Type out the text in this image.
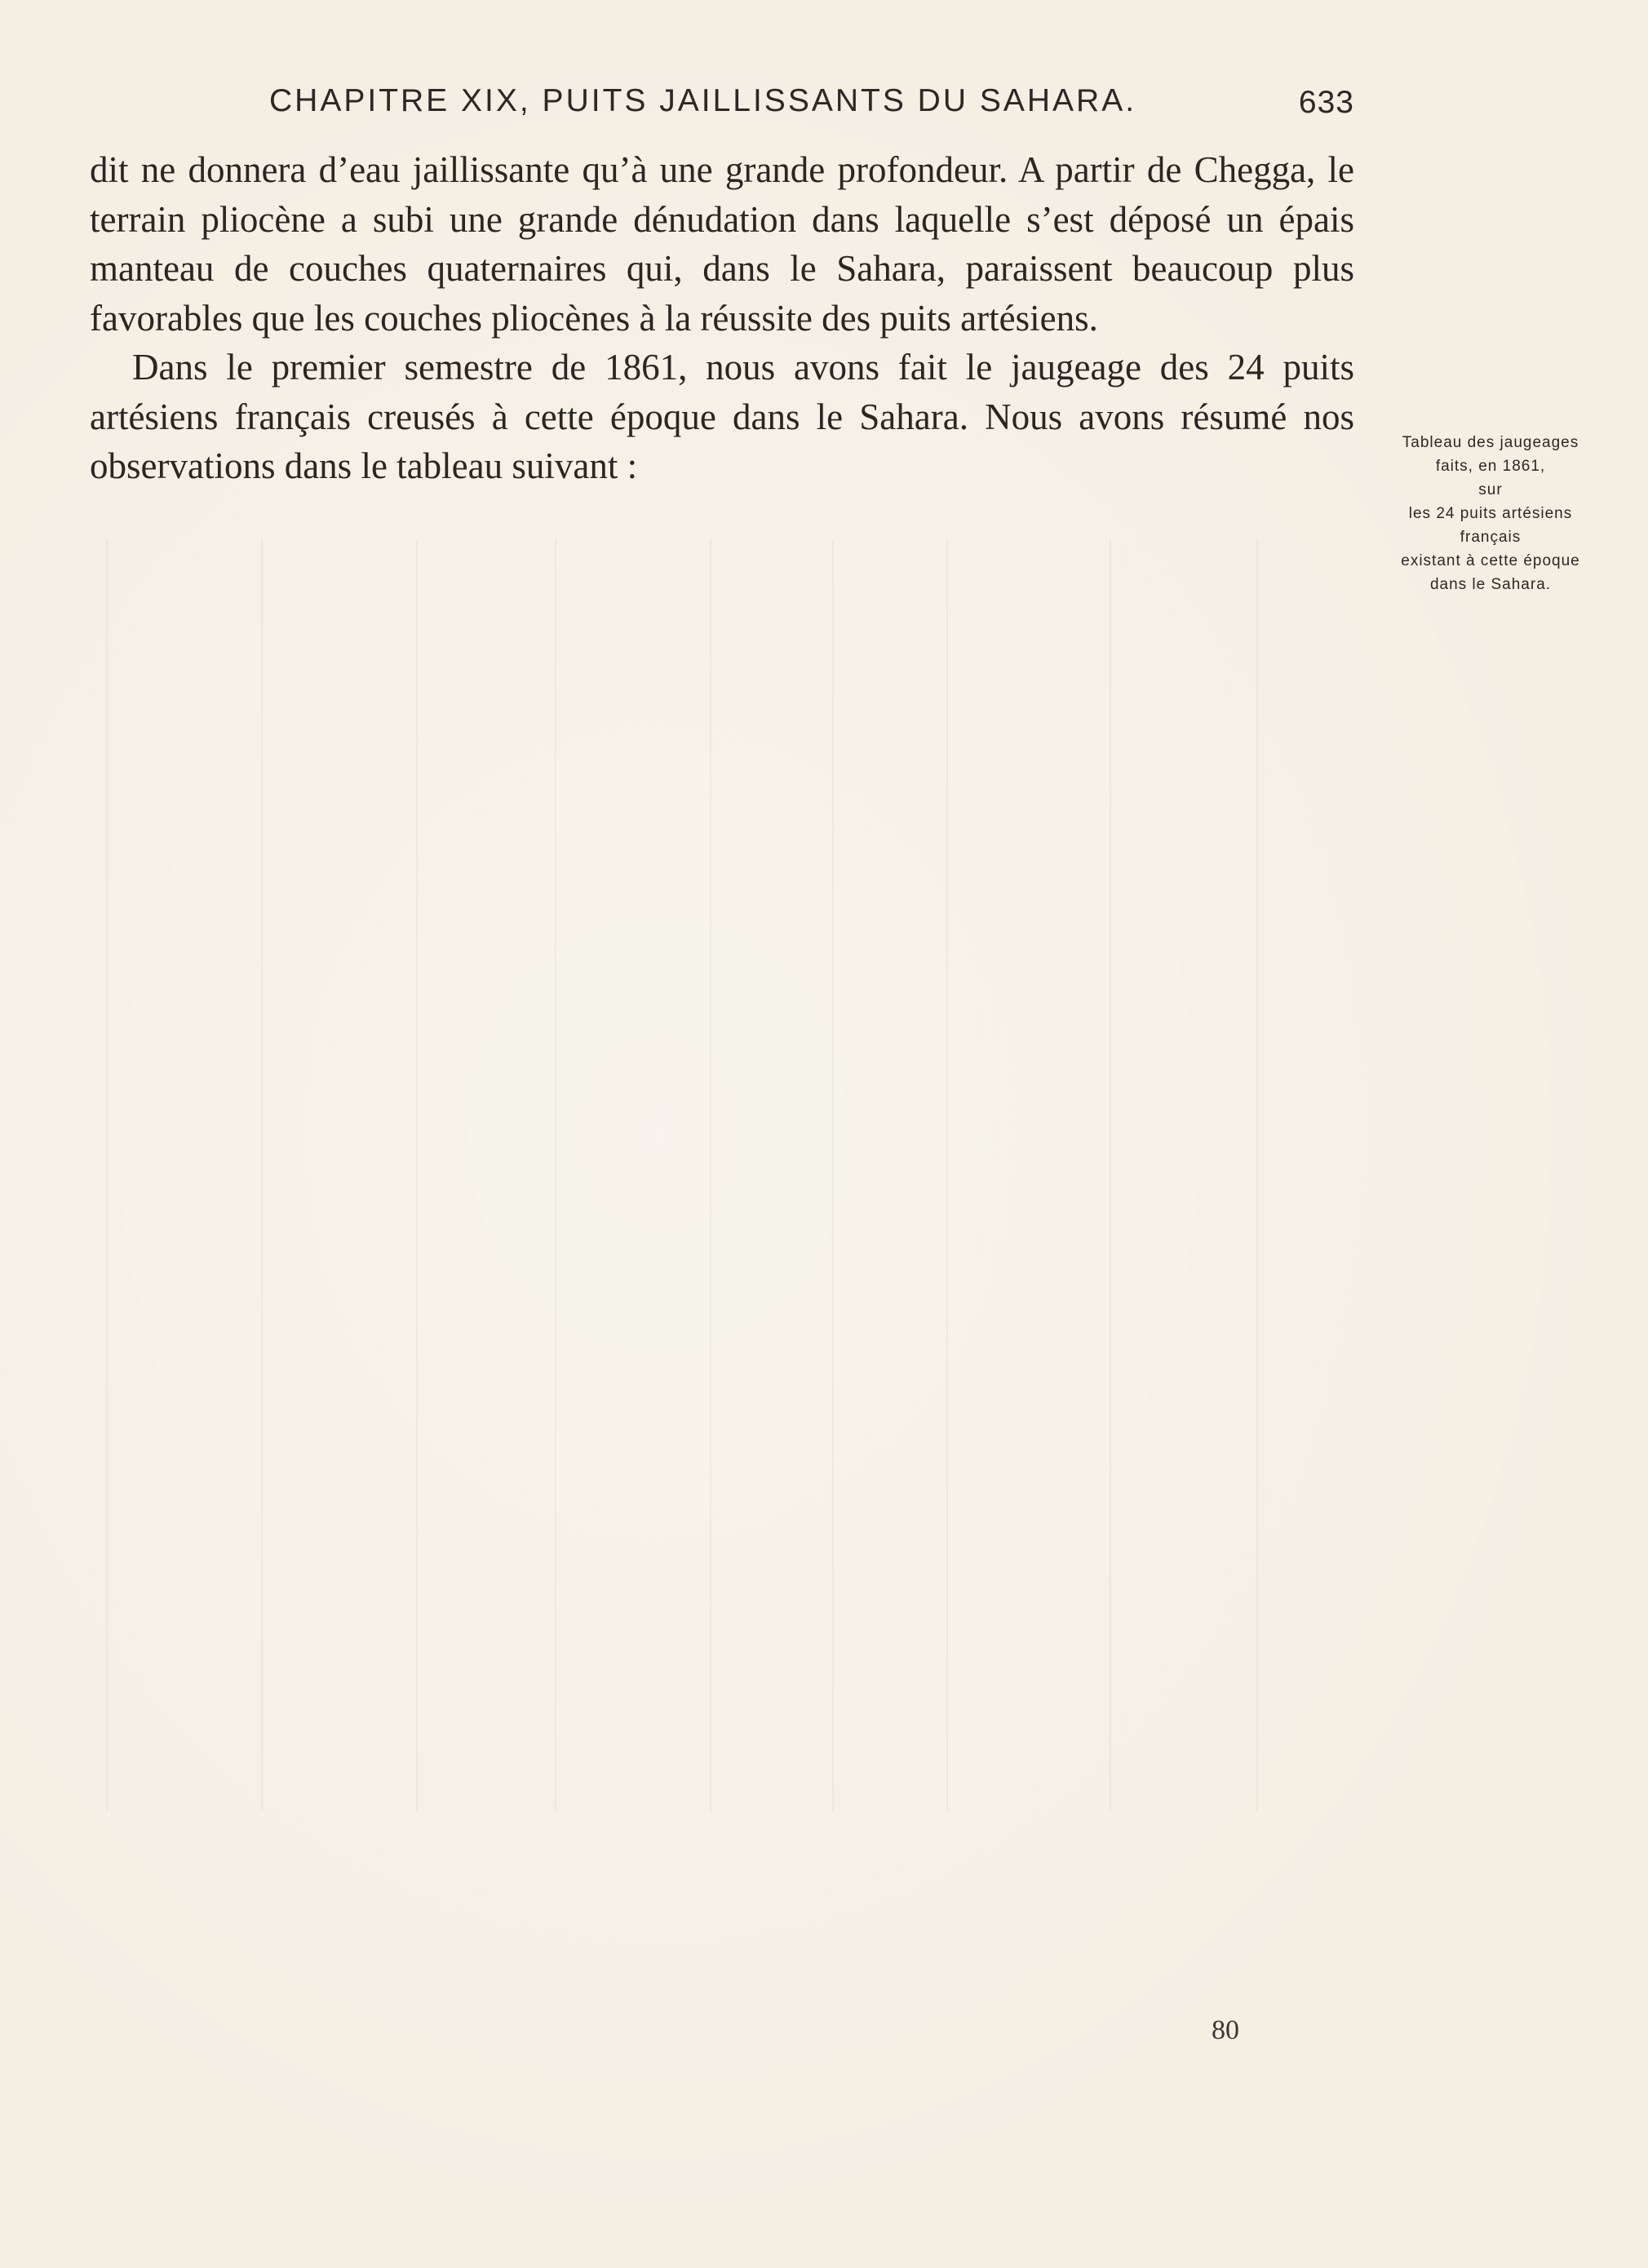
CHAPITRE XIX, PUITS JAILLISSANTS DU SAHARA.	633

dit ne donnera d’eau jaillissante qu’à une grande profondeur. A partir de Chegga, le terrain pliocène a subi une grande dénudation dans laquelle s’est déposé un épais manteau de couches quaternaires qui, dans le Sahara, paraissent beaucoup plus favorables que les couches pliocènes à la réussite des puits artésiens.

Dans le premier semestre de 1861, nous avons fait le jaugeage des 24 puits artésiens français creusés à cette époque dans le Sahara. Nous avons résumé nos observations dans le tableau suivant :

Tableau des jaugeages
faits, en 1861,
sur
les 24 puits artésiens
français
existant à cette époque
dans le Sahara.
80
